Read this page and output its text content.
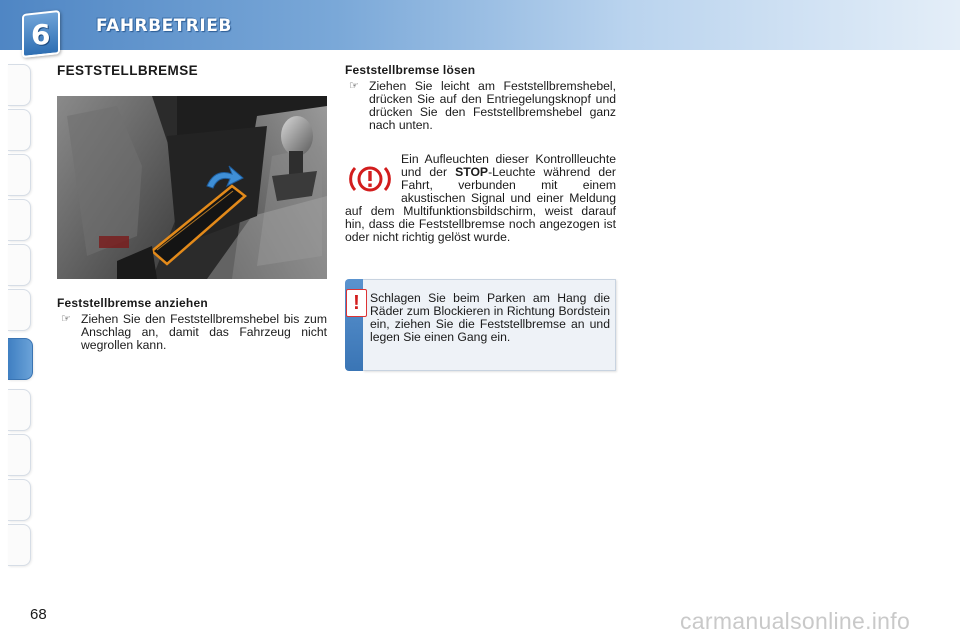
6	FAHRBETRIEB
FESTSTELLBREMSE
Feststellbremse anziehen
☞ Ziehen Sie den Feststellbremshebel bis zum Anschlag an, damit das Fahrzeug nicht wegrollen kann.
Feststellbremse lösen
☞ Ziehen Sie leicht am Feststellbremshebel, drücken Sie auf den Entriegelungsknopf und drücken Sie den Feststellbremshebel ganz nach unten.
Ein Aufleuchten dieser Kontrollleuchte und der STOP-Leuchte während der Fahrt, verbunden mit einem akustischen Signal und einer Meldung auf dem Multifunktionsbildschirm, weist darauf hin, dass die Feststellbremse noch angezogen ist oder nicht richtig gelöst wurde.
! Schlagen Sie beim Parken am Hang die Räder zum Blockieren in Richtung Bordstein ein, ziehen Sie die Feststellbremse an und legen Sie einen Gang ein.
68	carmanualsonline.info
